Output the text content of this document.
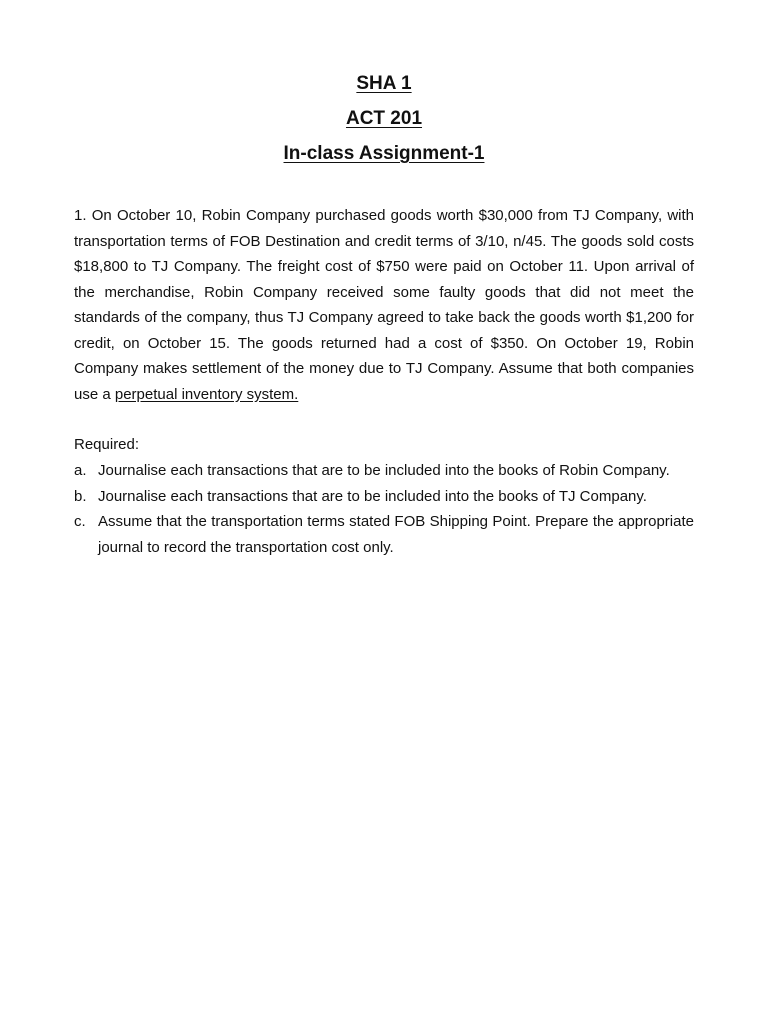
SHA 1
ACT 201
In-class Assignment-1

1. On October 10, Robin Company purchased goods worth $30,000 from TJ Company, with transportation terms of FOB Destination and credit terms of 3/10, n/45. The goods sold costs $18,800 to TJ Company. The freight cost of $750 were paid on October 11. Upon arrival of the merchandise, Robin Company received some faulty goods that did not meet the standards of the company, thus TJ Company agreed to take back the goods worth $1,200 for credit, on October 15. The goods returned had a cost of $350. On October 19, Robin Company makes settlement of the money due to TJ Company. Assume that both companies use a perpetual inventory system.

Required:

a. Journalise each transactions that are to be included into the books of Robin Company.
b. Journalise each transactions that are to be included into the books of TJ Company.
c. Assume that the transportation terms stated FOB Shipping Point. Prepare the appropriate journal to record the transportation cost only.
